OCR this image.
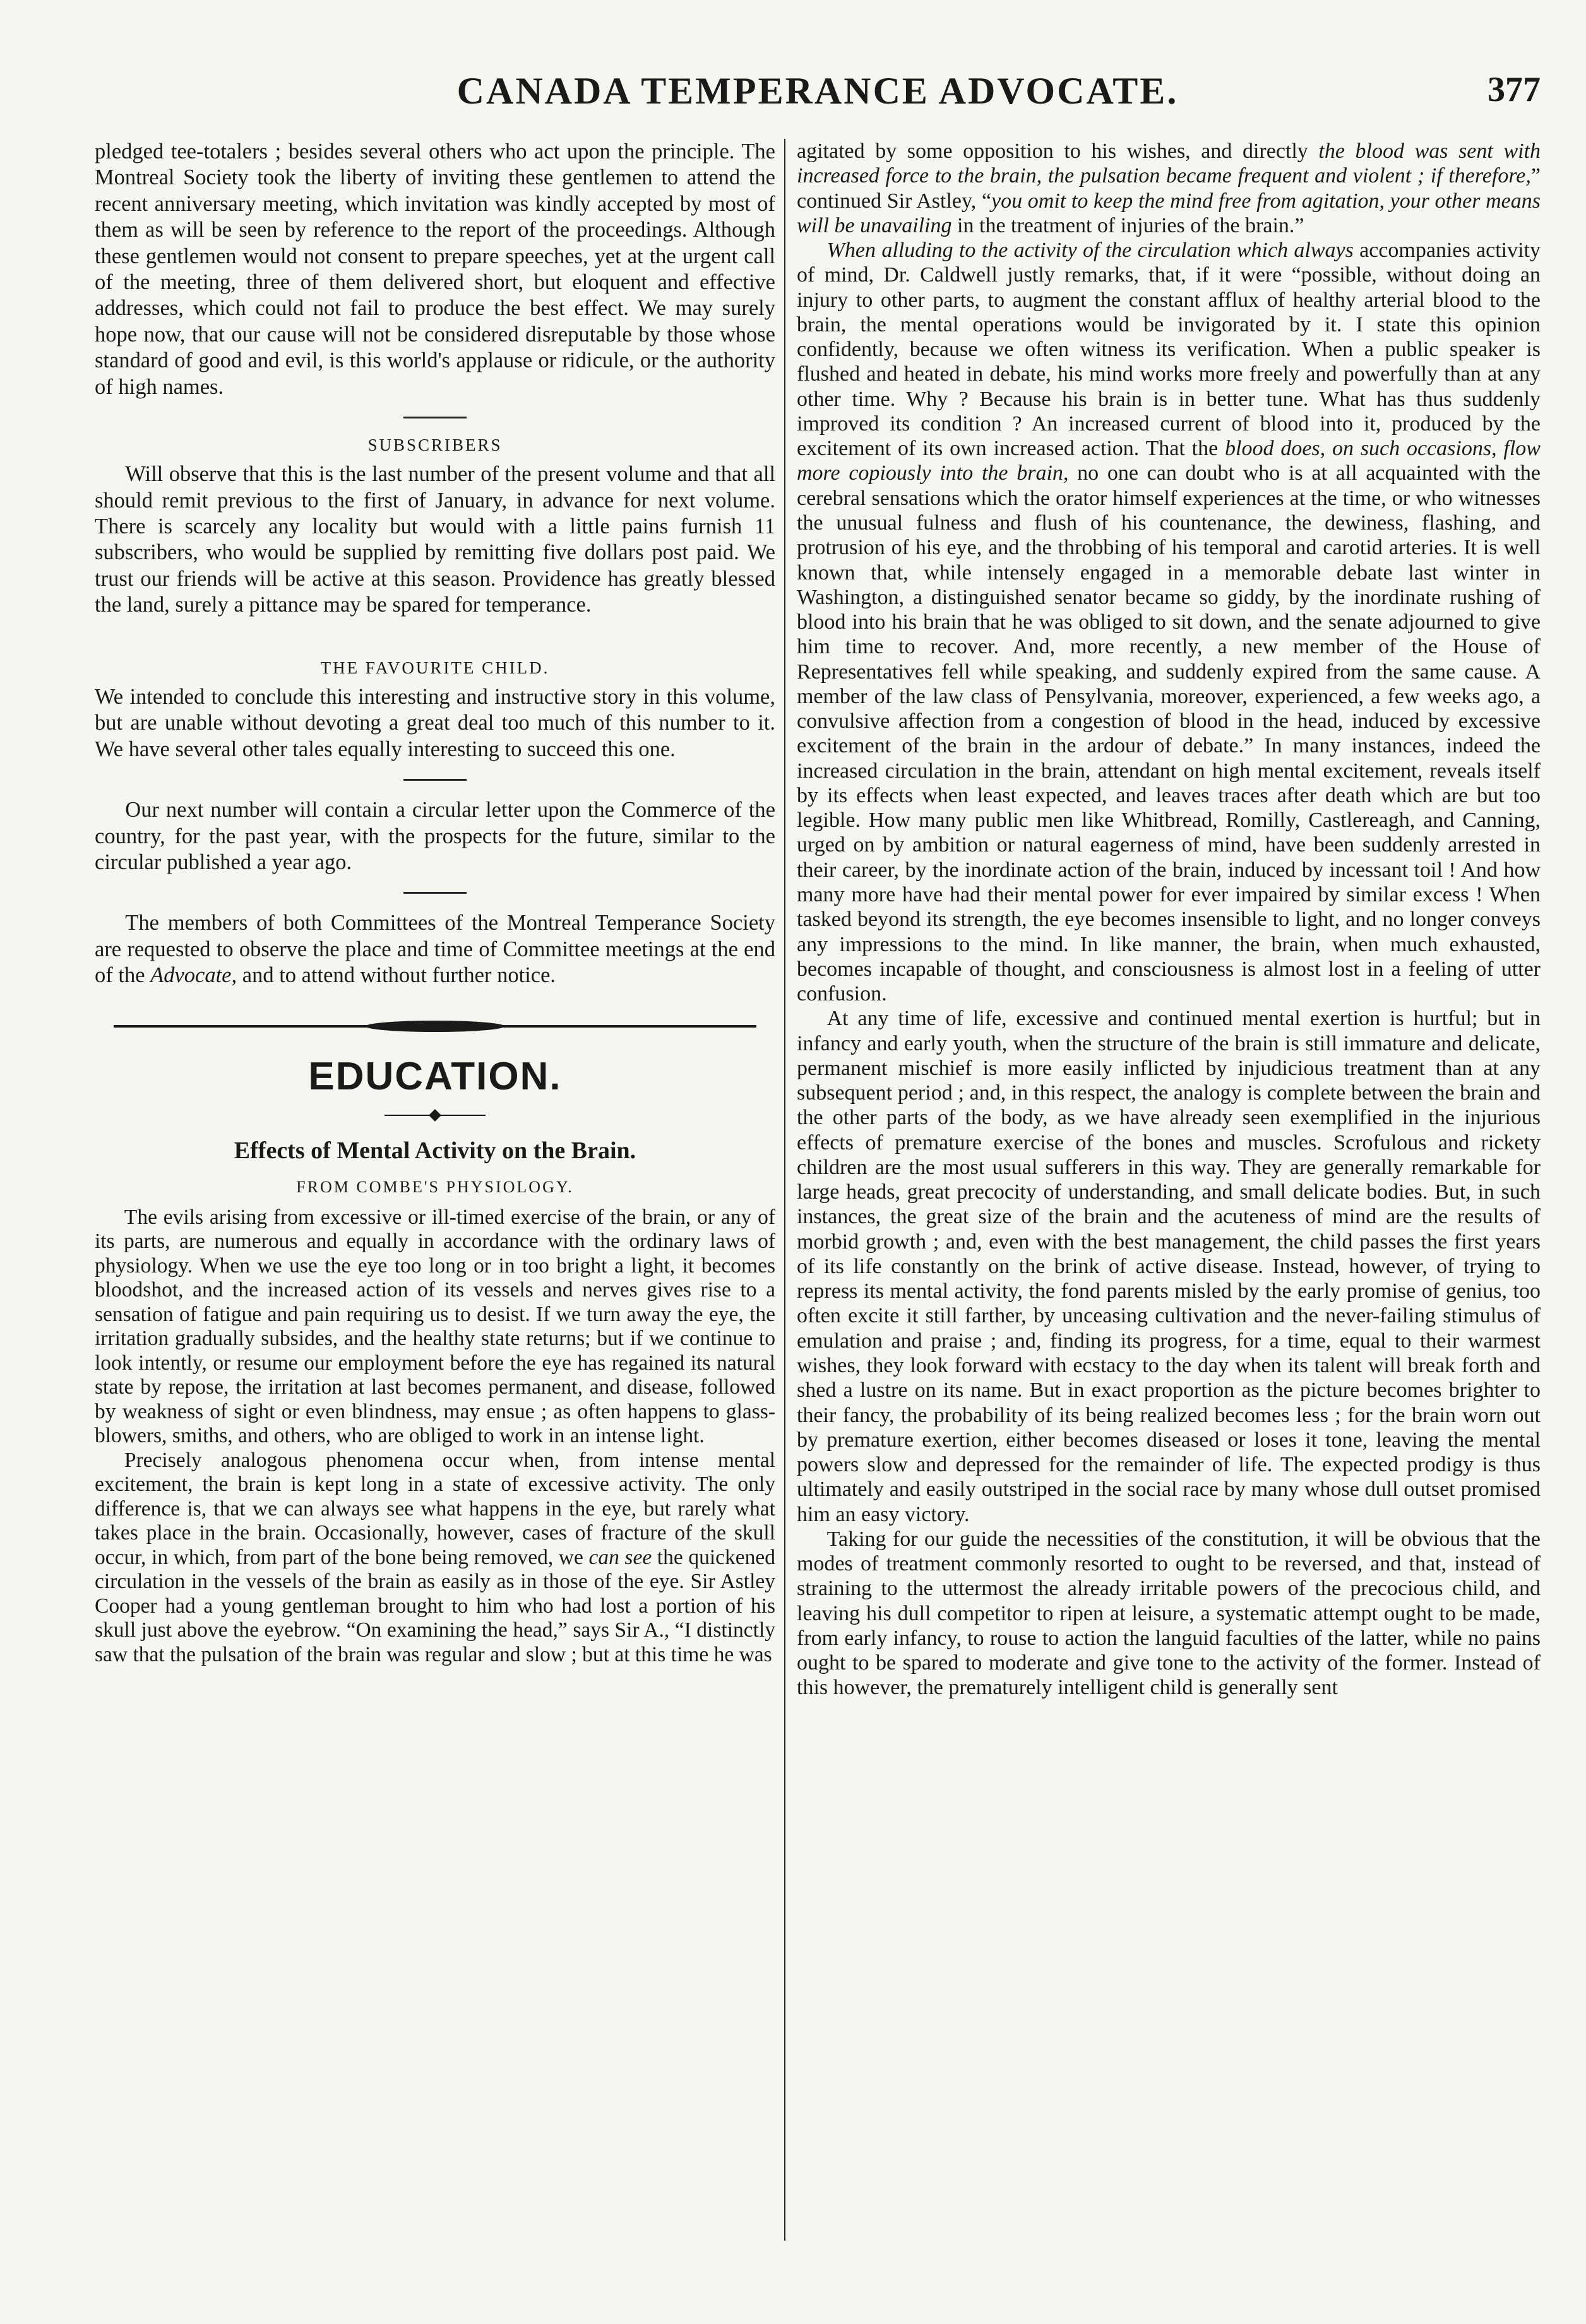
CANADA TEMPERANCE ADVOCATE.	377

pledged tee-totalers ; besides several others who act upon the principle. The Montreal Society took the liberty of inviting these gentlemen to attend the recent anniversary meeting, which invitation was kindly accepted by most of them as will be seen by reference to the report of the proceedings. Although these gentlemen would not consent to prepare speeches, yet at the urgent call of the meeting, three of them delivered short, but eloquent and effective addresses, which could not fail to produce the best effect. We may surely hope now, that our cause will not be considered disreputable by those whose standard of good and evil, is this world's applause or ridicule, or the authority of high names.

SUBSCRIBERS

Will observe that this is the last number of the present volume and that all should remit previous to the first of January, in advance for next volume. There is scarcely any locality but would with a little pains furnish 11 subscribers, who would be supplied by remitting five dollars post paid. We trust our friends will be active at this season. Providence has greatly blessed the land, surely a pittance may be spared for temperance.

THE FAVOURITE CHILD.

We intended to conclude this interesting and instructive story in this volume, but are unable without devoting a great deal too much of this number to it. We have several other tales equally interesting to succeed this one.

Our next number will contain a circular letter upon the Commerce of the country, for the past year, with the prospects for the future, similar to the circular published a year ago.

The members of both Committees of the Montreal Temperance Society are requested to observe the place and time of Committee meetings at the end of the Advocate, and to attend without further notice.

EDUCATION.
Effects of Mental Activity on the Brain.
FROM COMBE'S PHYSIOLOGY.

The evils arising from excessive or ill-timed exercise of the brain, or any of its parts, are numerous and equally in accordance with the ordinary laws of physiology. When we use the eye too long or in too bright a light, it becomes bloodshot, and the increased action of its vessels and nerves gives rise to a sensation of fatigue and pain requiring us to desist. If we turn away the eye, the irritation gradually subsides, and the healthy state returns; but if we continue to look intently, or resume our employment before the eye has regained its natural state by repose, the irritation at last becomes permanent, and disease, followed by weakness of sight or even blindness, may ensue ; as often happens to glass-blowers, smiths, and others, who are obliged to work in an intense light.

Precisely analogous phenomena occur when, from intense mental excitement, the brain is kept long in a state of excessive activity. The only difference is, that we can always see what happens in the eye, but rarely what takes place in the brain. Occasionally, however, cases of fracture of the skull occur, in which, from part of the bone being removed, we can see the quickened circulation in the vessels of the brain as easily as in those of the eye. Sir Astley Cooper had a young gentleman brought to him who had lost a portion of his skull just above the eyebrow. “On examining the head,” says Sir A., “I distinctly saw that the pulsation of the brain was regular and slow ; but at this time he was

agitated by some opposition to his wishes, and directly the blood was sent with increased force to the brain, the pulsation became frequent and violent ; if therefore,” continued Sir Astley, “you omit to keep the mind free from agitation, your other means will be unavailing in the treatment of injuries of the brain.”

When alluding to the activity of the circulation which always accompanies activity of mind, Dr. Caldwell justly remarks, that, if it were “possible, without doing an injury to other parts, to augment the constant afflux of healthy arterial blood to the brain, the mental operations would be invigorated by it. I state this opinion confidently, because we often witness its verification. When a public speaker is flushed and heated in debate, his mind works more freely and powerfully than at any other time. Why ? Because his brain is in better tune. What has thus suddenly improved its condition ? An increased current of blood into it, produced by the excitement of its own increased action. That the blood does, on such occasions, flow more copiously into the brain, no one can doubt who is at all acquainted with the cerebral sensations which the orator himself experiences at the time, or who witnesses the unusual fulness and flush of his countenance, the dewiness, flashing, and protrusion of his eye, and the throbbing of his temporal and carotid arteries. It is well known that, while intensely engaged in a memorable debate last winter in Washington, a distinguished senator became so giddy, by the inordinate rushing of blood into his brain that he was obliged to sit down, and the senate adjourned to give him time to recover. And, more recently, a new member of the House of Representatives fell while speaking, and suddenly expired from the same cause. A member of the law class of Pensylvania, moreover, experienced, a few weeks ago, a convulsive affection from a congestion of blood in the head, induced by excessive excitement of the brain in the ardour of debate.” In many instances, indeed the increased circulation in the brain, attendant on high mental excitement, reveals itself by its effects when least expected, and leaves traces after death which are but too legible. How many public men like Whitbread, Romilly, Castlereagh, and Canning, urged on by ambition or natural eagerness of mind, have been suddenly arrested in their career, by the inordinate action of the brain, induced by incessant toil ! And how many more have had their mental power for ever impaired by similar excess ! When tasked beyond its strength, the eye becomes insensible to light, and no longer conveys any impressions to the mind. In like manner, the brain, when much exhausted, becomes incapable of thought, and consciousness is almost lost in a feeling of utter confusion.

At any time of life, excessive and continued mental exertion is hurtful; but in infancy and early youth, when the structure of the brain is still immature and delicate, permanent mischief is more easily inflicted by injudicious treatment than at any subsequent period ; and, in this respect, the analogy is complete between the brain and the other parts of the body, as we have already seen exemplified in the injurious effects of premature exercise of the bones and muscles. Scrofulous and rickety children are the most usual sufferers in this way. They are generally remarkable for large heads, great precocity of understanding, and small delicate bodies. But, in such instances, the great size of the brain and the acuteness of mind are the results of morbid growth ; and, even with the best management, the child passes the first years of its life constantly on the brink of active disease. Instead, however, of trying to repress its mental activity, the fond parents misled by the early promise of genius, too often excite it still farther, by unceasing cultivation and the never-failing stimulus of emulation and praise ; and, finding its progress, for a time, equal to their warmest wishes, they look forward with ecstacy to the day when its talent will break forth and shed a lustre on its name. But in exact proportion as the picture becomes brighter to their fancy, the probability of its being realized becomes less ; for the brain worn out by premature exertion, either becomes diseased or loses it tone, leaving the mental powers slow and depressed for the remainder of life. The expected prodigy is thus ultimately and easily outstriped in the social race by many whose dull outset promised him an easy victory.

Taking for our guide the necessities of the constitution, it will be obvious that the modes of treatment commonly resorted to ought to be reversed, and that, instead of straining to the uttermost the already irritable powers of the precocious child, and leaving his dull competitor to ripen at leisure, a systematic attempt ought to be made, from early infancy, to rouse to action the languid faculties of the latter, while no pains ought to be spared to moderate and give tone to the activity of the former. Instead of this however, the prematurely intelligent child is generally sent
